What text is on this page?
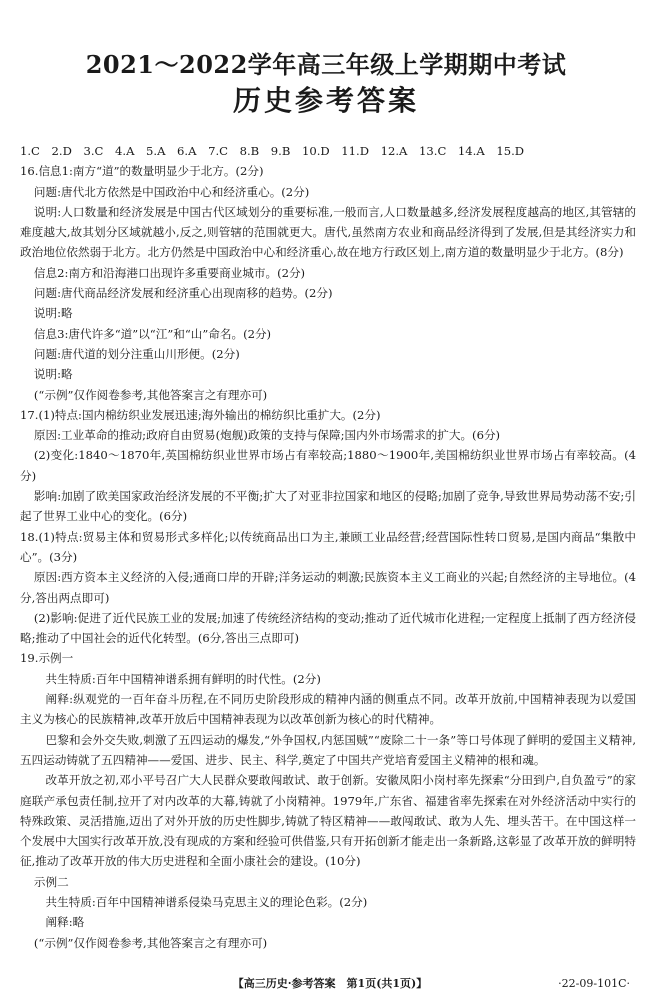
2021～2022学年高三年级上学期期中考试
历史参考答案

1.C　2.D　3.C　4.A　5.A　6.A　7.C　8.B　9.B　10.D　11.D　12.A　13.C　14.A　15.D

16.信息1:南方“道”的数量明显少于北方。(2分)

问题:唐代北方依然是中国政治中心和经济重心。(2分)

说明:人口数量和经济发展是中国古代区域划分的重要标准,一般而言,人口数量越多,经济发展程度越高的地区,其管辖的难度越大,故其划分区域就越小,反之,则管辖的范围就更大。唐代,虽然南方农业和商品经济得到了发展,但是其经济实力和政治地位依然弱于北方。北方仍然是中国政治中心和经济重心,故在地方行政区划上,南方道的数量明显少于北方。(8分)

信息2:南方和沿海港口出现许多重要商业城市。(2分)

问题:唐代商品经济发展和经济重心出现南移的趋势。(2分)

说明:略

信息3:唐代许多“道”以“江”和“山”命名。(2分)

问题:唐代道的划分注重山川形便。(2分)

说明:略

(“示例”仅作阅卷参考,其他答案言之有理亦可)

17.(1)特点:国内棉纺织业发展迅速;海外输出的棉纺织比重扩大。(2分)

原因:工业革命的推动;政府自由贸易(炮舰)政策的支持与保障;国内外市场需求的扩大。(6分)

(2)变化:1840～1870年,英国棉纺织业世界市场占有率较高;1880～1900年,美国棉纺织业世界市场占有率较高。(4分)

影响:加剧了欧美国家政治经济发展的不平衡;扩大了对亚非拉国家和地区的侵略;加剧了竞争,导致世界局势动荡不安;引起了世界工业中心的变化。(6分)

18.(1)特点:贸易主体和贸易形式多样化;以传统商品出口为主,兼顾工业品经营;经营国际性转口贸易,是国内商品“集散中心”。(3分)

原因:西方资本主义经济的入侵;通商口岸的开辟;洋务运动的刺激;民族资本主义工商业的兴起;自然经济的主导地位。(4分,答出两点即可)

(2)影响:促进了近代民族工业的发展;加速了传统经济结构的变动;推动了近代城市化进程;一定程度上抵制了西方经济侵略;推动了中国社会的近代化转型。(6分,答出三点即可)

19.示例一

共生特质:百年中国精神谱系拥有鲜明的时代性。(2分)

阐释:纵观党的一百年奋斗历程,在不同历史阶段形成的精神内涵的侧重点不同。改革开放前,中国精神表现为以爱国主义为核心的民族精神,改革开放后中国精神表现为以改革创新为核心的时代精神。

巴黎和会外交失败,刺激了五四运动的爆发,“外争国权,内惩国贼”“废除二十一条”等口号体现了鲜明的爱国主义精神,五四运动铸就了五四精神——爱国、进步、民主、科学,奠定了中国共产党培育爱国主义精神的根和魂。

改革开放之初,邓小平号召广大人民群众要敢闯敢试、敢于创新。安徽凤阳小岗村率先探索“分田到户,自负盈亏”的家庭联产承包责任制,拉开了对内改革的大幕,铸就了小岗精神。1979年,广东省、福建省率先探索在对外经济活动中实行的特殊政策、灵活措施,迈出了对外开放的历史性脚步,铸就了特区精神——敢闯敢试、敢为人先、埋头苦干。在中国这样一个发展中大国实行改革开放,没有现成的方案和经验可供借鉴,只有开拓创新才能走出一条新路,这彰显了改革开放的鲜明特征,推动了改革开放的伟大历史进程和全面小康社会的建设。(10分)

示例二

共生特质:百年中国精神谱系侵染马克思主义的理论色彩。(2分)

阐释:略

(“示例”仅作阅卷参考,其他答案言之有理亦可)

【高三历史·参考答案　第1页(共1页)】	·22-09-101C·
